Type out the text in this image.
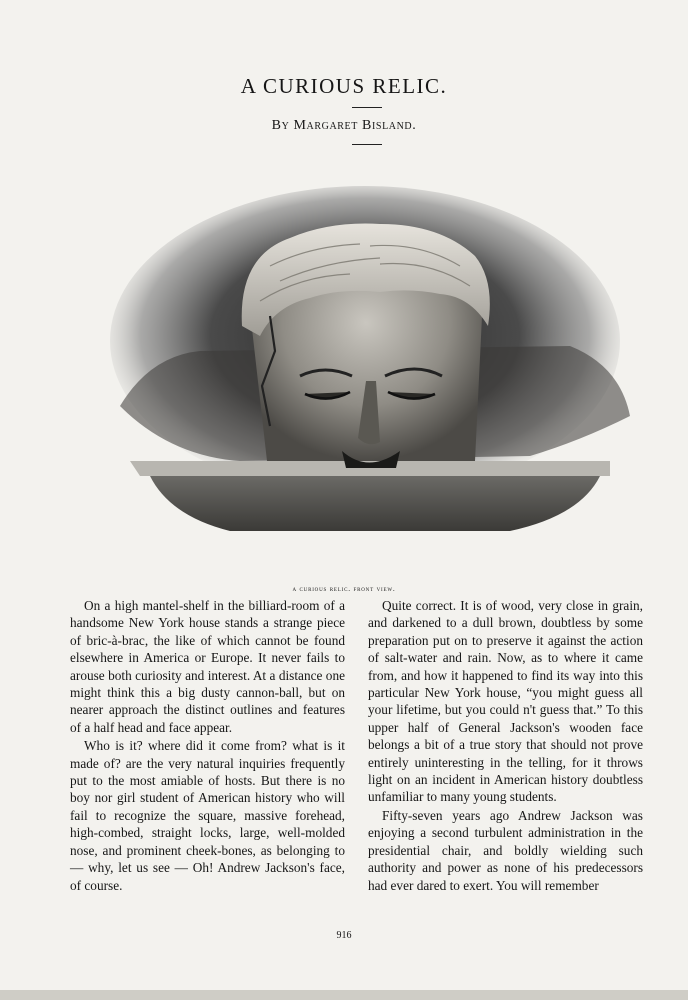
A CURIOUS RELIC.
By Margaret Bisland.
a curious relic. front view.

On a high mantel-shelf in the billiard-room of a handsome New York house stands a strange piece of bric-à-brac, the like of which cannot be found elsewhere in America or Europe. It never fails to arouse both curiosity and interest. At a distance one might think this a big dusty cannon-ball, but on nearer approach the distinct outlines and features of a half head and face appear.

Who is it? where did it come from? what is it made of? are the very natural inquiries frequently put to the most amiable of hosts. But there is no boy nor girl student of American history who will fail to recognize the square, massive forehead, high-combed, straight locks, large, well-molded nose, and prominent cheek-bones, as belonging to — why, let us see — Oh! Andrew Jackson's face, of course.

Quite correct. It is of wood, very close in grain, and darkened to a dull brown, doubtless by some preparation put on to preserve it against the action of salt-water and rain. Now, as to where it came from, and how it happened to find its way into this particular New York house, “you might guess all your lifetime, but you could n't guess that.” To this upper half of General Jackson's wooden face belongs a bit of a true story that should not prove entirely uninteresting in the telling, for it throws light on an incident in American history doubtless unfamiliar to many young students.

Fifty-seven years ago Andrew Jackson was enjoying a second turbulent administration in the presidential chair, and boldly wielding such authority and power as none of his predecessors had ever dared to exert. You will remember

916
